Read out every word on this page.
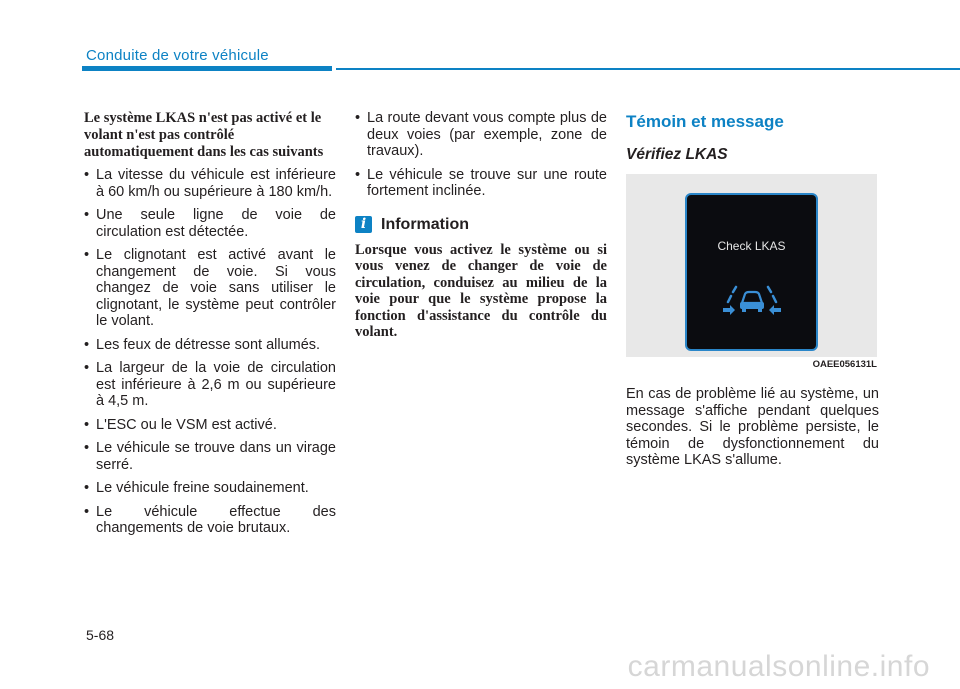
Conduite de votre véhicule
Le système LKAS n'est pas activé et le volant n'est pas contrôlé automatiquement dans les cas suivants
• La vitesse du véhicule est inférieure à 60 km/h ou supérieure à 180 km/h.
• Une seule ligne de voie de circulation est détectée.
• Le clignotant est activé avant le changement de voie. Si vous changez de voie sans utiliser le clignotant, le système peut contrôler le volant.
• Les feux de détresse sont allumés.
• La largeur de la voie de circulation est inférieure à 2,6 m ou supérieure à 4,5 m.
• L'ESC ou le VSM est activé.
• Le véhicule se trouve dans un virage serré.
• Le véhicule freine soudainement.
• Le véhicule effectue des changements de voie brutaux.
• La route devant vous compte plus de deux voies (par exemple, zone de travaux).
• Le véhicule se trouve sur une route fortement inclinée.
i Information
Lorsque vous activez le système ou si vous venez de changer de voie de circulation, conduisez au milieu de la voie pour que le système propose la fonction d'assistance du contrôle du volant.
Témoin et message
Vérifiez LKAS
Check LKAS
OAEE056131L
En cas de problème lié au système, un message s'affiche pendant quelques secondes. Si le problème persiste, le témoin de dysfonctionnement du système LKAS s'allume.
5-68
carmanualsonline.info
